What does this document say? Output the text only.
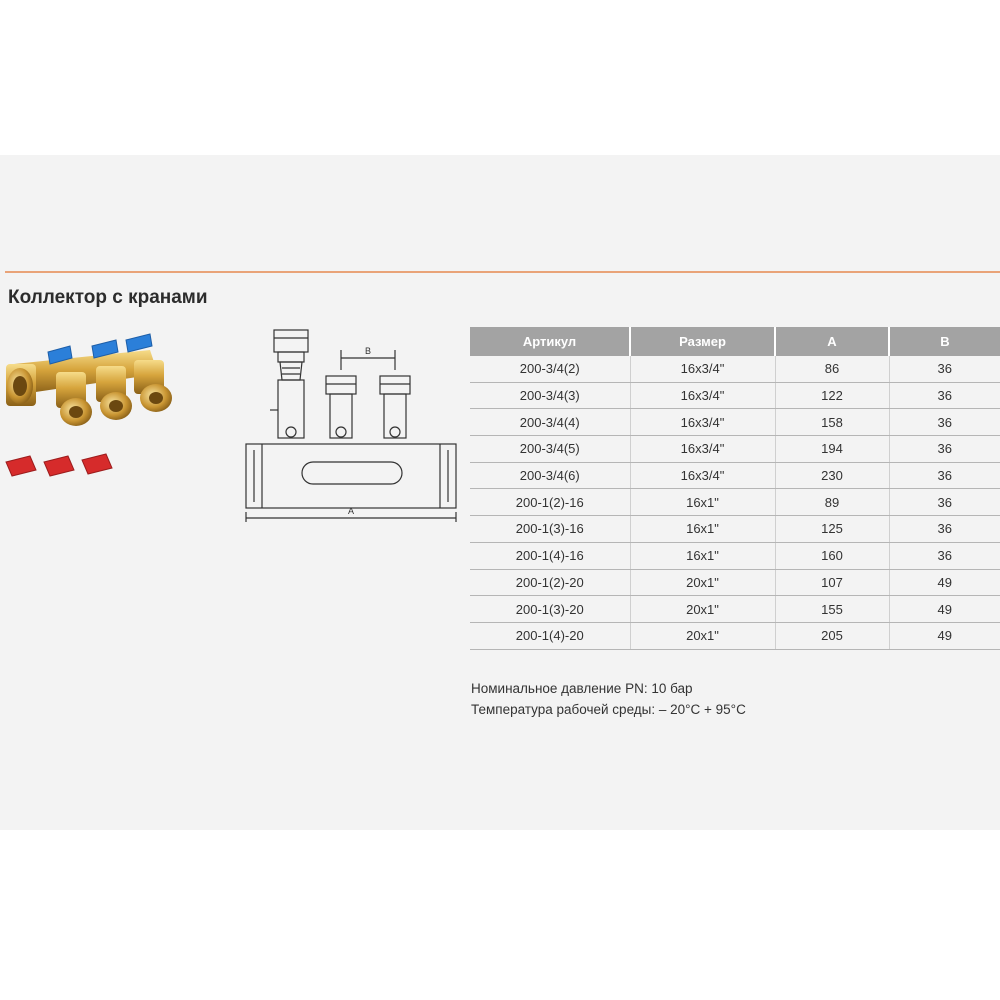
Коллектор с кранами
B
A
Артикул	Размер	A	B
200-3/4(2)	16x3/4"	86	36
200-3/4(3)	16x3/4"	122	36
200-3/4(4)	16x3/4"	158	36
200-3/4(5)	16x3/4"	194	36
200-3/4(6)	16x3/4"	230	36
200-1(2)-16	16x1"	89	36
200-1(3)-16	16x1"	125	36
200-1(4)-16	16x1"	160	36
200-1(2)-20	20x1"	107	49
200-1(3)-20	20x1"	155	49
200-1(4)-20	20x1"	205	49
Номинальное давление PN: 10 бар
Температура рабочей среды: – 20°C + 95°C
